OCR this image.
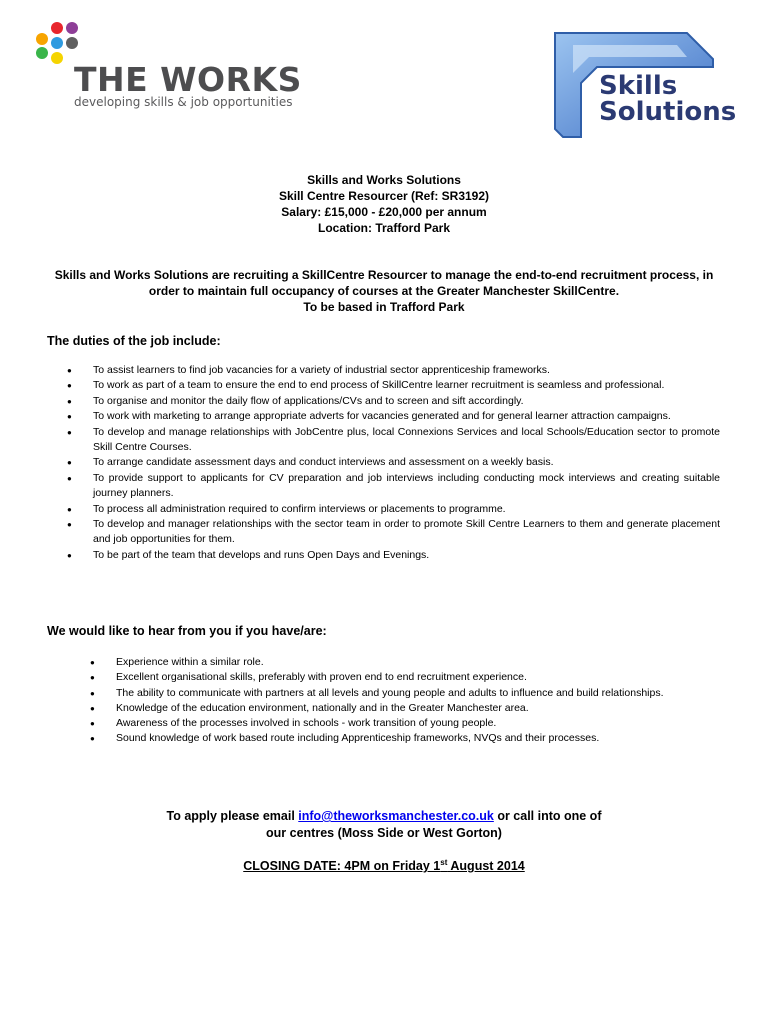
THE WORKS
developing skills & job opportunities
Skills
Solutions
Skills and Works Solutions
Skill Centre Resourcer (Ref: SR3192)
Salary: £15,000 - £20,000 per annum
Location: Trafford Park
Skills and Works Solutions are recruiting a SkillCentre Resourcer to manage the end-to-end recruitment process, in
order to maintain full occupancy of courses at the Greater Manchester SkillCentre.
To be based in Trafford Park
The duties of the job include:
● To assist learners to find job vacancies for a variety of industrial sector apprenticeship frameworks.
● To work as part of a team to ensure the end to end process of SkillCentre learner recruitment is seamless and professional.
● To organise and monitor the daily flow of applications/CVs and to screen and sift accordingly.
● To work with marketing to arrange appropriate adverts for vacancies generated and for general learner attraction campaigns.
● To develop and manage relationships with JobCentre plus, local Connexions Services and local Schools/Education sector to promote Skill Centre Courses.
● To arrange candidate assessment days and conduct interviews and assessment on a weekly basis.
● To provide support to applicants for CV preparation and job interviews including conducting mock interviews and creating suitable journey planners.
● To process all administration required to confirm interviews or placements to programme.
● To develop and manager relationships with the sector team in order to promote Skill Centre Learners to them and generate placement and job opportunities for them.
● To be part of the team that develops and runs Open Days and Evenings.
We would like to hear from you if you have/are:
● Experience within a similar role.
● Excellent organisational skills, preferably with proven end to end recruitment experience.
● The ability to communicate with partners at all levels and young people and adults to influence and build relationships.
● Knowledge of the education environment, nationally and in the Greater Manchester area.
● Awareness of the processes involved in schools - work transition of young people.
● Sound knowledge of work based route including Apprenticeship frameworks, NVQs and their processes.
To apply please email info@theworksmanchester.co.uk or call into one of
our centres (Moss Side or West Gorton)
CLOSING DATE: 4PM on Friday 1st August 2014
